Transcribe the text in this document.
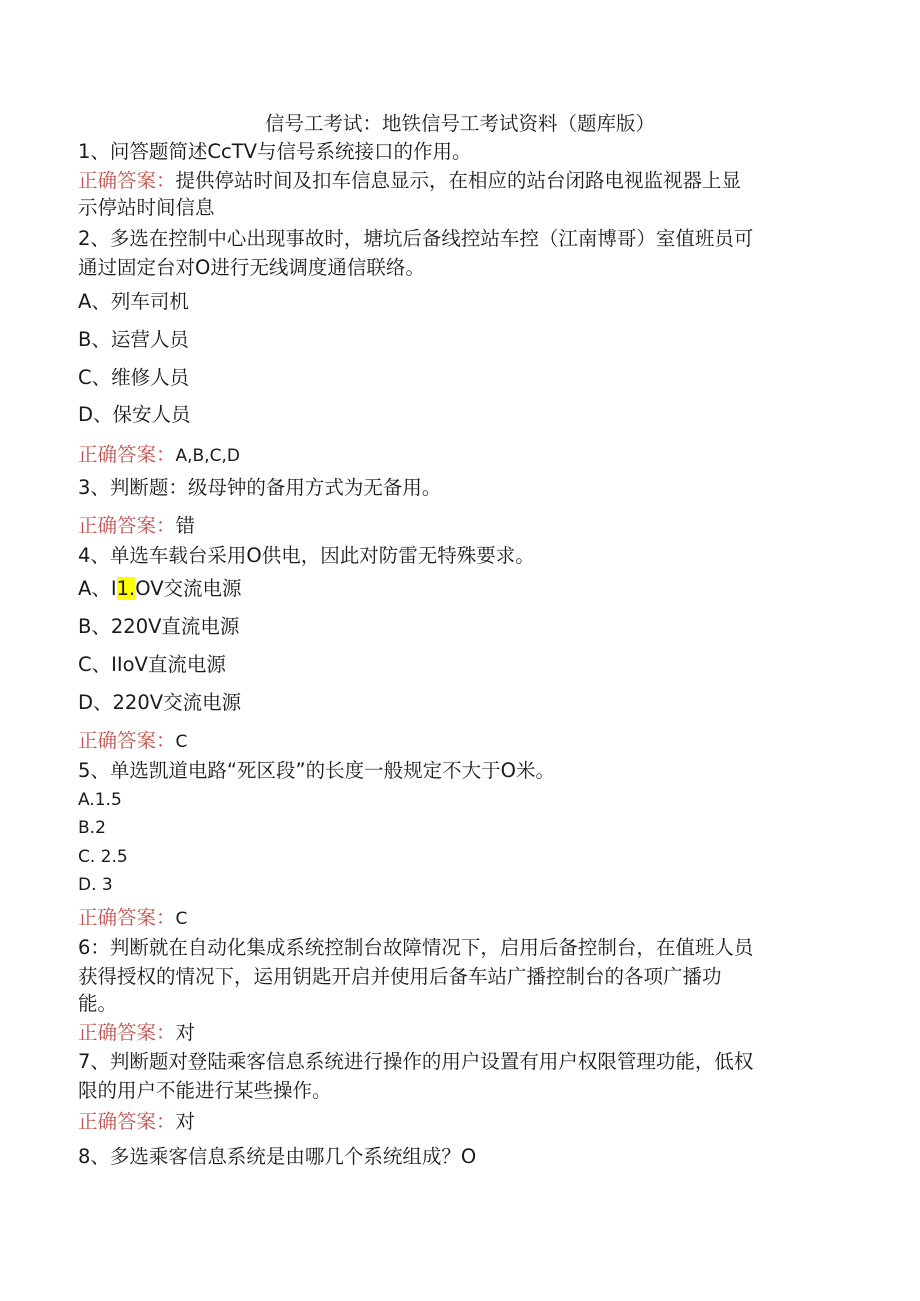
信号工考试：地铁信号工考试资料（题库版）
1、问答题简述CcTV与信号系统接口的作用。
正确答案：提供停站时间及扣车信息显示，在相应的站台闭路电视监视器上显
示停站时间信息
2、多选在控制中心出现事故时，塘坑后备线控站车控（江南博哥）室值班员可
通过固定台对O进行无线调度通信联络。
A、列车司机
B、运营人员
C、维修人员
D、保安人员
正确答案：A,B,C,D
3、判断题：级母钟的备用方式为无备用。
正确答案：错
4、单选车载台采用O供电，因此对防雷无特殊要求。
A、I1.OV交流电源
B、220V直流电源
C、IIoV直流电源
D、220V交流电源
正确答案：C
5、单选凯道电路“死区段”的长度一般规定不大于O米。
A.1.5
B.2
C. 2.5
D. 3
正确答案：C
6：判断就在自动化集成系统控制台故障情况下，启用后备控制台，在值班人员
获得授权的情况下，运用钥匙开启并使用后备车站广播控制台的各项广播功
能。
正确答案：对
7、判断题对登陆乘客信息系统进行操作的用户设置有用户权限管理功能，低权
限的用户不能进行某些操作。
正确答案：对
8、多选乘客信息系统是由哪几个系统组成？O
